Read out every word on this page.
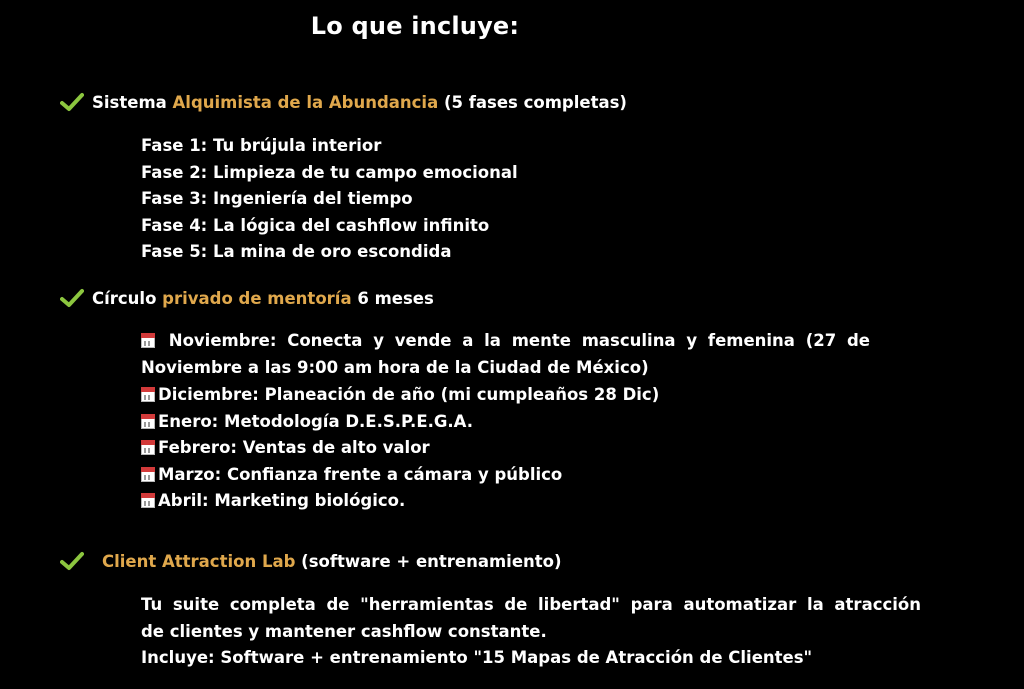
Lo que incluye:
Sistema Alquimista de la Abundancia (5 fases completas)
Fase 1: Tu brújula interior
Fase 2: Limpieza de tu campo emocional
Fase 3: Ingeniería del tiempo
Fase 4: La lógica del cashflow infinito
Fase 5: La mina de oro escondida
Círculo privado de mentoría 6 meses
Noviembre: Conecta y vende a la mente masculina y femenina (27 de Noviembre a las 9:00 am hora de la Ciudad de México)
Diciembre: Planeación de año (mi cumpleaños 28 Dic)
Enero: Metodología D.E.S.P.E.G.A.
Febrero: Ventas de alto valor
Marzo: Confianza frente a cámara y público
Abril: Marketing biológico.
Client Attraction Lab (software + entrenamiento)
Tu suite completa de "herramientas de libertad" para automatizar la atracción
de clientes y mantener cashflow constante.
Incluye: Software + entrenamiento "15 Mapas de Atracción de Clientes"
